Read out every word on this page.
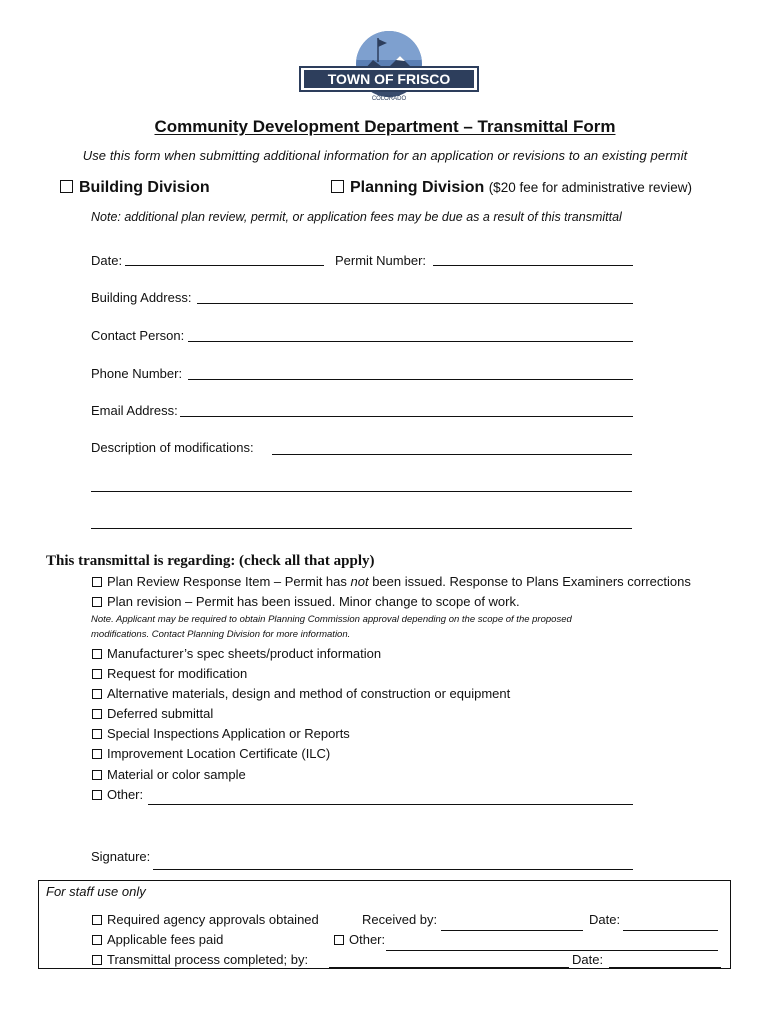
TOWN OF FRISCO
COLORADO
Community Development Department – Transmittal Form
Use this form when submitting additional information for an application or revisions to an existing permit
Building Division	Planning Division ($20 fee for administrative review)
Note: additional plan review, permit, or application fees may be due as a result of this transmittal
Date:	Permit Number:
Building Address:
Contact Person:
Phone Number:
Email Address:
Description of modifications:
This transmittal is regarding: (check all that apply)
Plan Review Response Item – Permit has not been issued. Response to Plans Examiners corrections
Plan revision – Permit has been issued. Minor change to scope of work.
Note. Applicant may be required to obtain Planning Commission approval depending on the scope of the proposed
modifications. Contact Planning Division for more information.
Manufacturer’s spec sheets/product information
Request for modification
Alternative materials, design and method of construction or equipment
Deferred submittal
Special Inspections Application or Reports
Improvement Location Certificate (ILC)
Material or color sample
Other:
Signature:
For staff use only
Required agency approvals obtained	Received by:	Date:
Applicable fees paid	Other:
Transmittal process completed; by:	Date:
